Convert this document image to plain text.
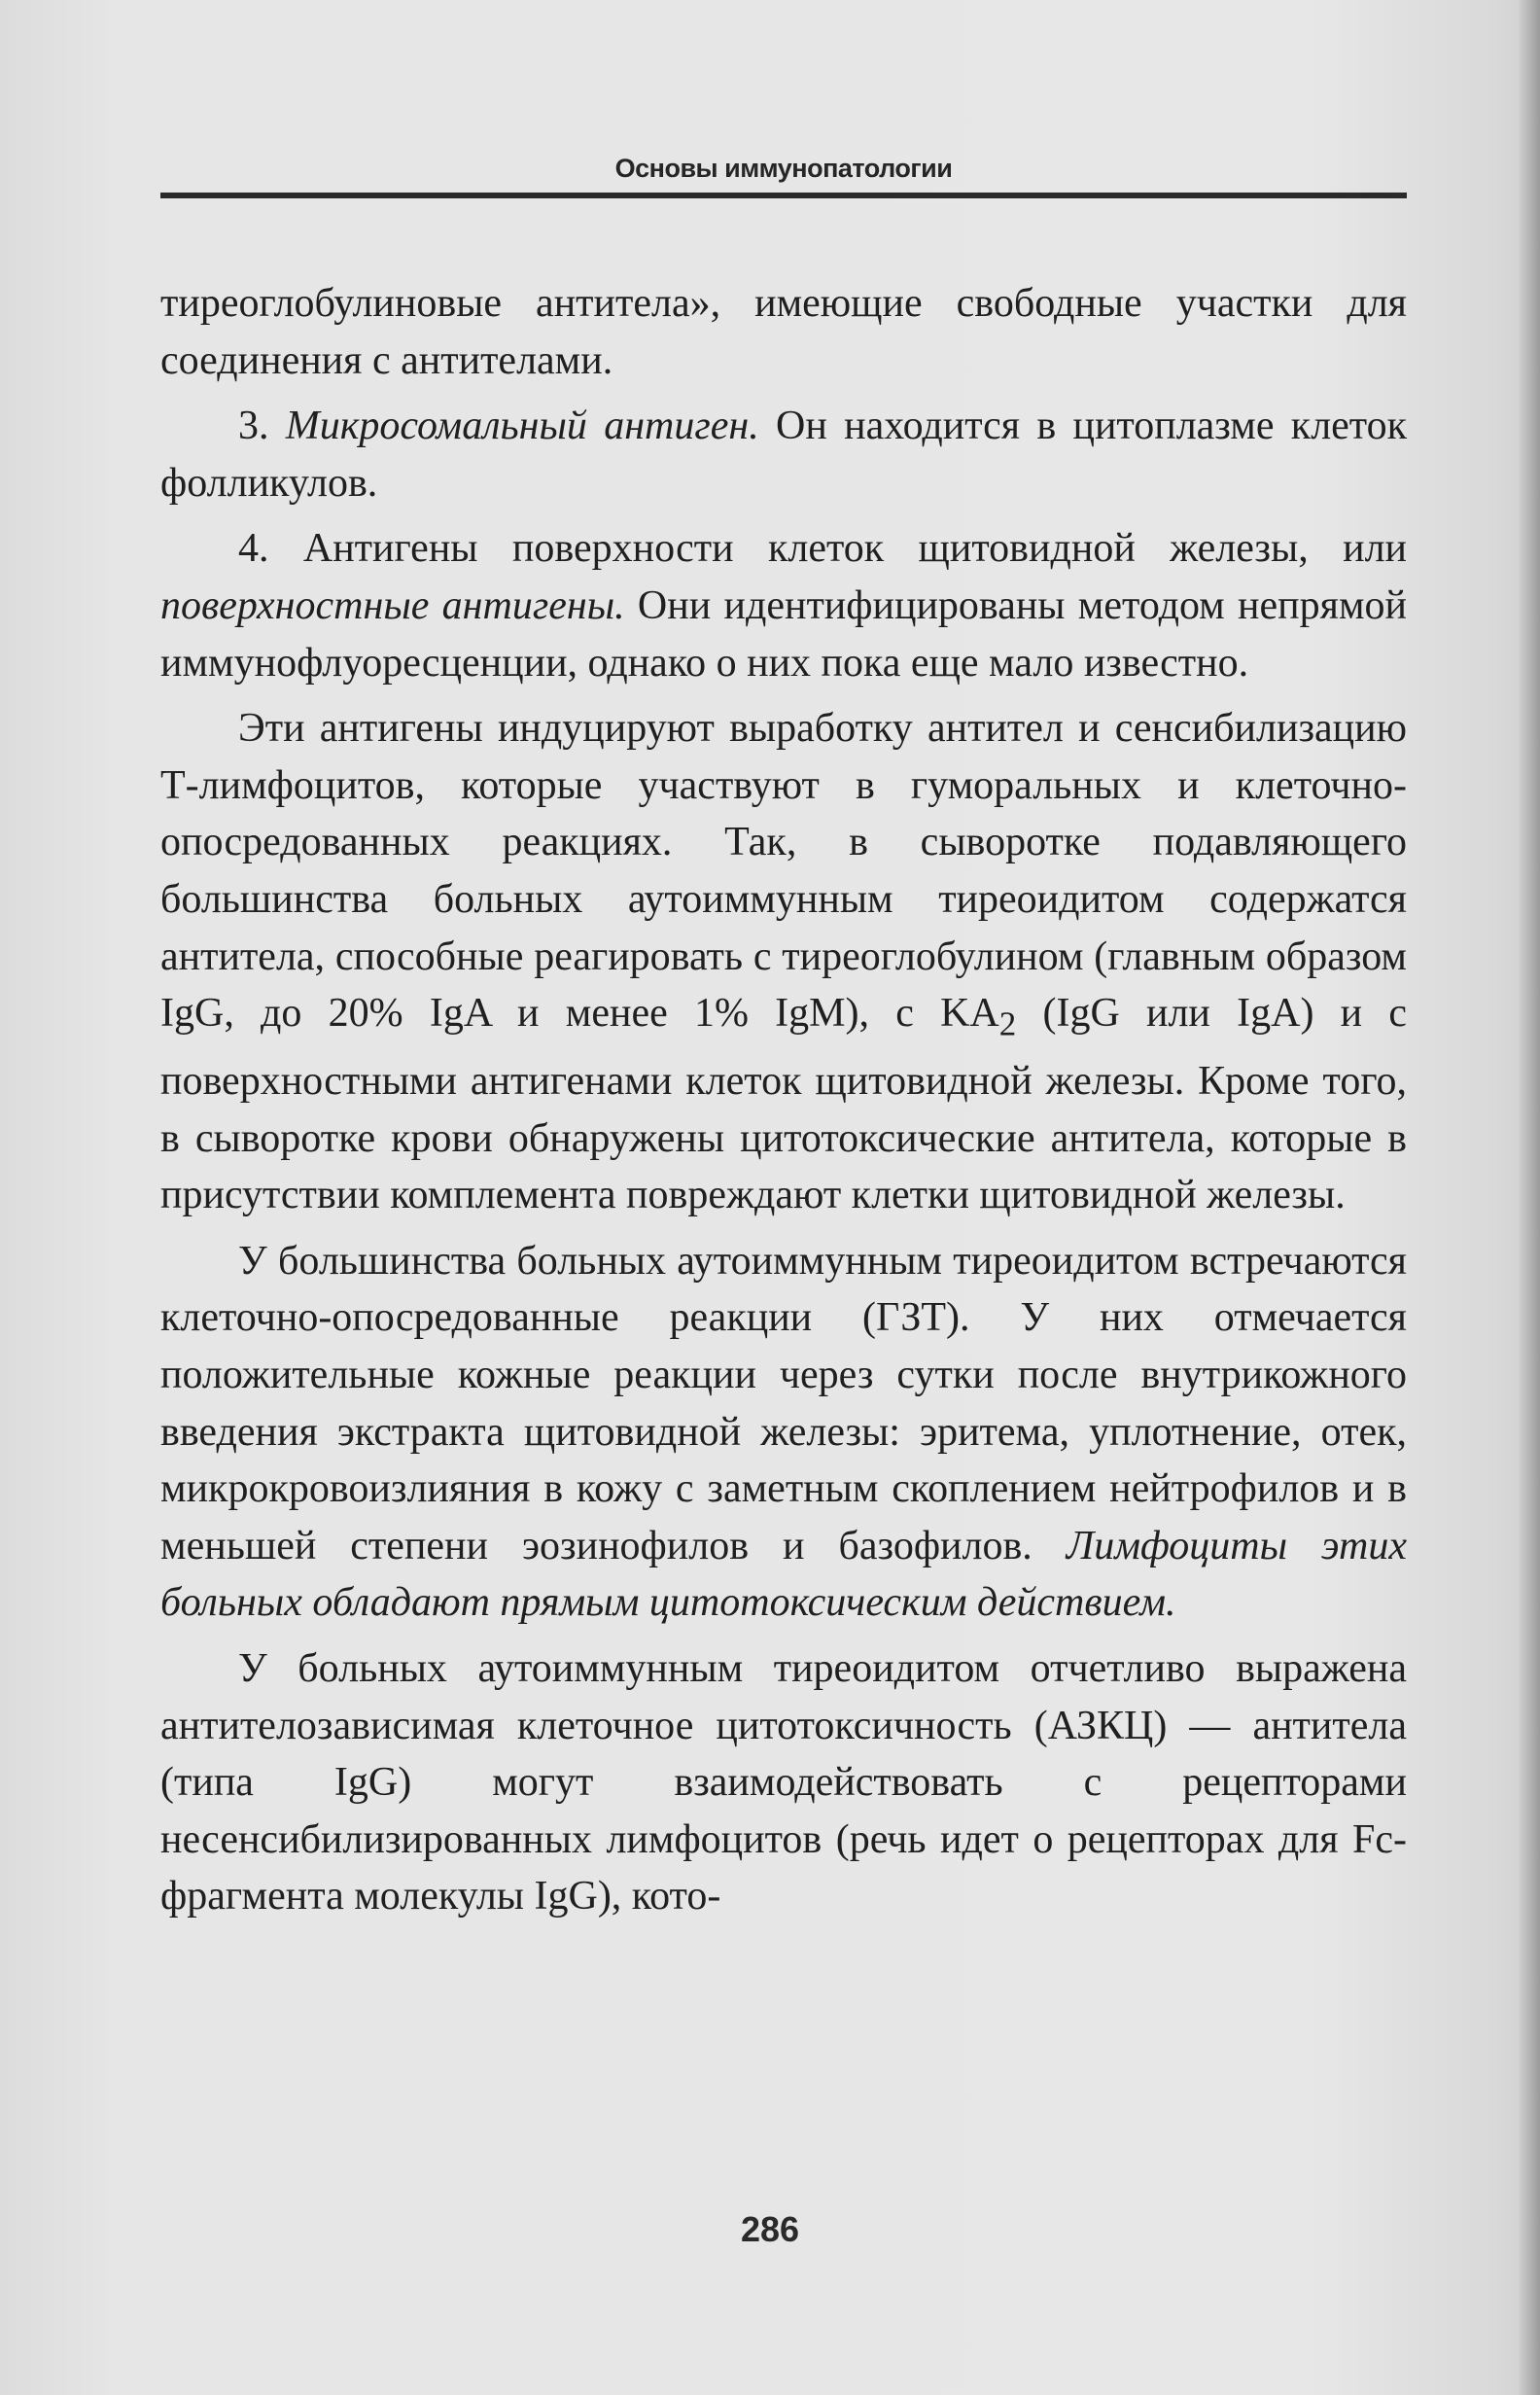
Основы иммунопатологии

тиреоглобулиновые антитела», имеющие свободные участки для соединения с антителами.

3. Микросомальный антиген. Он находится в цитоплазме клеток фолликулов.

4. Антигены поверхности клеток щитовидной железы, или поверхностные антигены. Они идентифицированы методом непрямой иммунофлуоресценции, однако о них пока еще мало известно.

Эти антигены индуцируют выработку антител и сенсибилизацию Т-лимфоцитов, которые участвуют в гуморальных и клеточно-опосредованных реакциях. Так, в сыворотке подавляющего большинства больных аутоиммунным тиреоидитом содержатся антитела, способные реагировать с тиреоглобулином (главным образом IgG, до 20% IgA и менее 1% IgM), с $KA_2$ (IgG или IgA) и с поверхностными антигенами клеток щитовидной железы. Кроме того, в сыворотке крови обнаружены цитотоксические антитела, которые в присутствии комплемента повреждают клетки щитовидной железы.

У большинства больных аутоиммунным тиреоидитом встречаются клеточно-опосредованные реакции (ГЗТ). У них отмечается положительные кожные реакции через сутки после внутрикожного введения экстракта щитовидной железы: эритема, уплотнение, отек, микрокровоизлияния в кожу с заметным скоплением нейтрофилов и в меньшей степени эозинофилов и базофилов. Лимфоциты этих больных обладают прямым цитотоксическим действием.

У больных аутоиммунным тиреоидитом отчетливо выражена антителозависимая клеточное цитотоксичность (АЗКЦ) — антитела (типа IgG) могут взаимодействовать с рецепторами несенсибилизированных лимфоцитов (речь идет о рецепторах для Fc-фрагмента молекулы IgG), кото-

286
